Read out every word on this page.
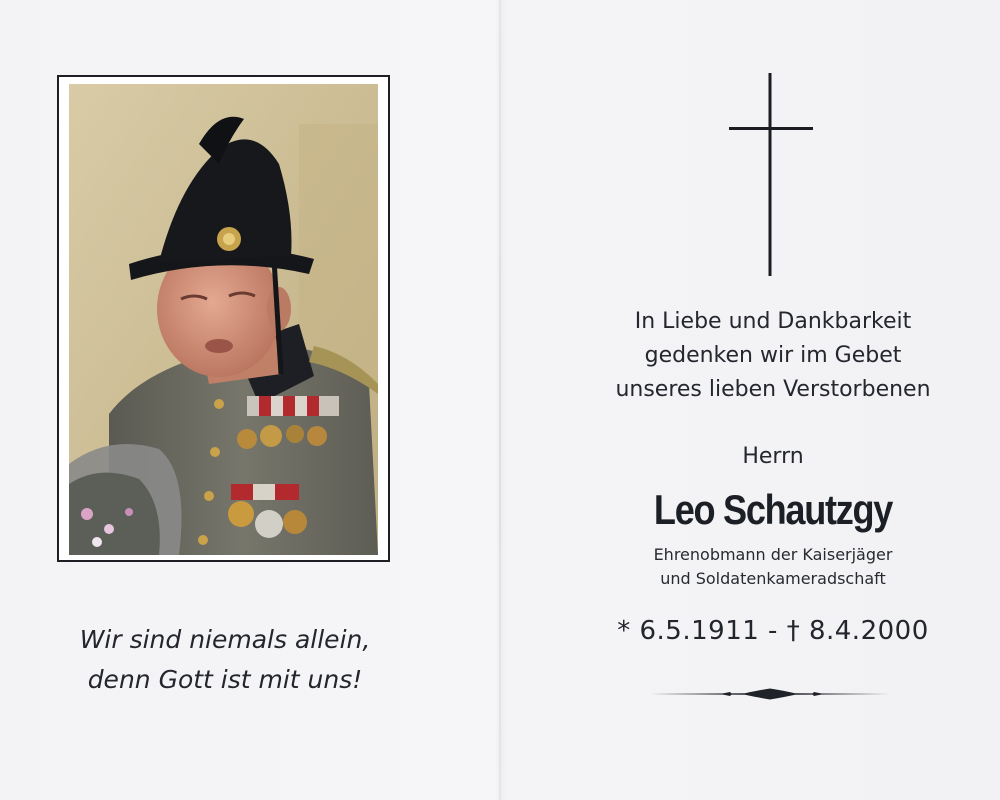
Wir sind niemals allein,
denn Gott ist mit uns!
In Liebe und Dankbarkeit
gedenken wir im Gebet
unseres lieben Verstorbenen
Herrn
Leo Schautzgy
Ehrenobmann der Kaiserjäger
und Soldatenkameradschaft
* 6.5.1911 - † 8.4.2000
